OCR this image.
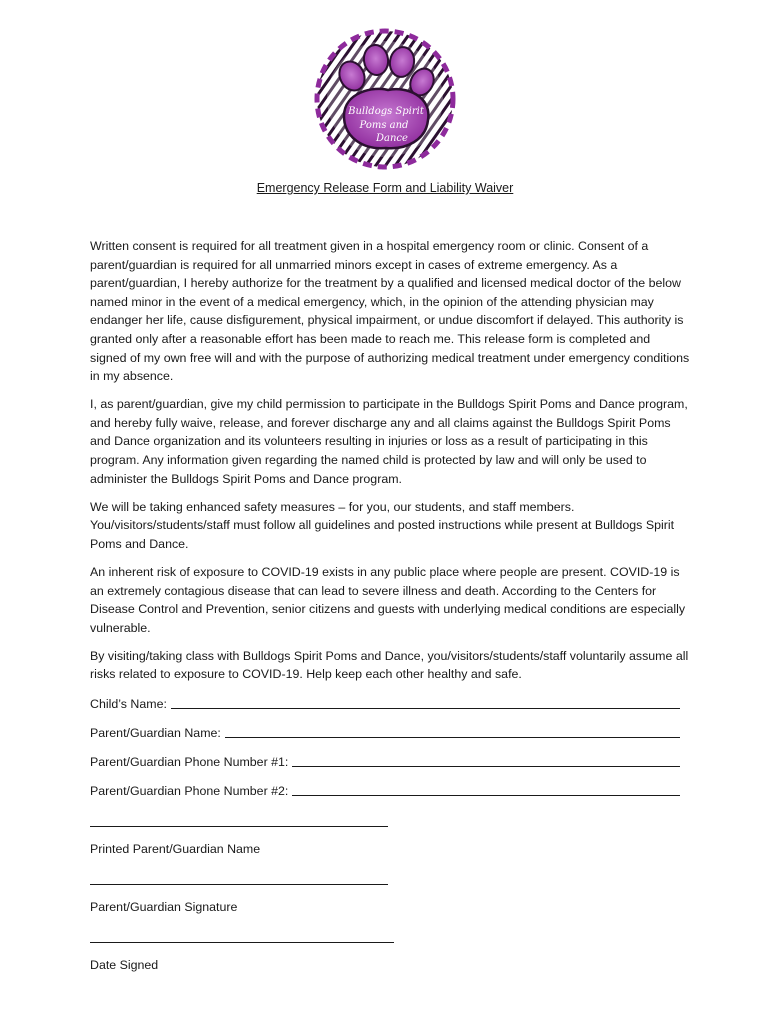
Bulldogs Spirit
Poms and
Dance
Emergency Release Form and Liability Waiver

Written consent is required for all treatment given in a hospital emergency room or clinic. Consent of a parent/guardian is required for all unmarried minors except in cases of extreme emergency. As a parent/guardian, I hereby authorize for the treatment by a qualified and licensed medical doctor of the below named minor in the event of a medical emergency, which, in the opinion of the attending physician may endanger her life, cause disfigurement, physical impairment, or undue discomfort if delayed. This authority is granted only after a reasonable effort has been made to reach me. This release form is completed and signed of my own free will and with the purpose of authorizing medical treatment under emergency conditions in my absence.

I, as parent/guardian, give my child permission to participate in the Bulldogs Spirit Poms and Dance program, and hereby fully waive, release, and forever discharge any and all claims against the Bulldogs Spirit Poms and Dance organization and its volunteers resulting in injuries or loss as a result of participating in this program. Any information given regarding the named child is protected by law and will only be used to administer the Bulldogs Spirit Poms and Dance program.

We will be taking enhanced safety measures – for you, our students, and staff members. You/visitors/students/staff must follow all guidelines and posted instructions while present at Bulldogs Spirit Poms and Dance.

An inherent risk of exposure to COVID-19 exists in any public place where people are present. COVID-19 is an extremely contagious disease that can lead to severe illness and death. According to the Centers for Disease Control and Prevention, senior citizens and guests with underlying medical conditions are especially vulnerable.

By visiting/taking class with Bulldogs Spirit Poms and Dance, you/visitors/students/staff voluntarily assume all risks related to exposure to COVID-19. Help keep each other healthy and safe.

Child’s Name:
Parent/Guardian Name:
Parent/Guardian Phone Number #1:
Parent/Guardian Phone Number #2:
Printed Parent/Guardian Name
Parent/Guardian Signature
Date Signed
